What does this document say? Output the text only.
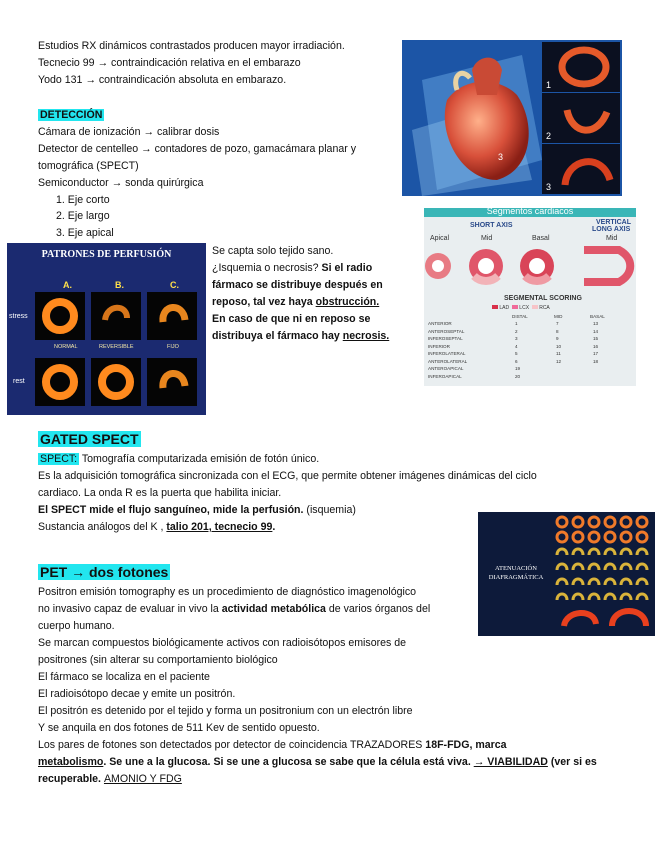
Estudios RX dinámicos contrastados producen mayor irradiación.
Tecnecio 99 → contraindicación relativa en el embarazo
Yodo 131 → contraindicación absoluta en embarazo.
DETECCIÓN
Cámara de ionización → calibrar dosis
Detector de centelleo → contadores de pozo, gamacámara planar y
tomográfica (SPECT)
Semiconductor → sonda quirúrgica
1. Eje corto
2. Eje largo
3. Eje apical
3
1
2
3
Segmentos cardiacos
SHORT AXIS	VERTICAL
LONG AXIS
Apical	Mid	Basal	Mid
SEGMENTAL SCORING
LAD LCX RCA
DISTAL	MID	BASAL
ANTERIOR	1	7	13
ANTEROSEPTAL	2	8	14
INFEROSEPTAL	3	9	15
INFERIOR	4	10	16
INFEROLATERAL	5	11	17
ANTEROLATERAL	6	12	18
ANTEROAPICAL	19
INFEROAPICAL	20
PATRONES DE PERFUSIÓN
A.	B.	C.
stress
rest
NORMAL	REVERSIBLE	FIJO
Se capta solo tejido sano.
¿Isquemia o necrosis? Si el radio
fármaco se distribuye después en
reposo, tal vez haya obstrucción.
En caso de que ni en reposo se
distribuya el fármaco hay necrosis.
GATED SPECT
SPECT: Tomografía computarizada emisión de fotón único.
Es la adquisición tomográfica sincronizada con el ECG, que permite obtener imágenes dinámicas del ciclo
cardiaco. La onda R es la puerta que habilita iniciar.
El SPECT mide el flujo sanguíneo, mide la perfusión. (isquemia)
Sustancia análogos del K , talio 201, tecnecio 99.
ATENUACIÓN
DIAFRAGMÁTICA
PET → dos fotones
Positron emisión tomography es un procedimiento de diagnóstico imagenológico
no invasivo capaz de evaluar in vivo la actividad metabólica de varios órganos del
cuerpo humano.
Se marcan compuestos biológicamente activos con radioisótopos emisores de
positrones (sin alterar su comportamiento biológico
El fármaco se localiza en el paciente
El radioisótopo decae y emite un positrón.
El positrón es detenido por el tejido y forma un positronium con un electrón libre
Y se anquila en dos fotones de 511 Kev de sentido opuesto.
Los pares de fotones son detectados por detector de coincidencia TRAZADORES 18F-FDG, marca
metabolismo. Se une a la glucosa. Si se une a glucosa se sabe que la célula está viva. → VIABILIDAD (ver si es
recuperable. AMONIO Y FDG
